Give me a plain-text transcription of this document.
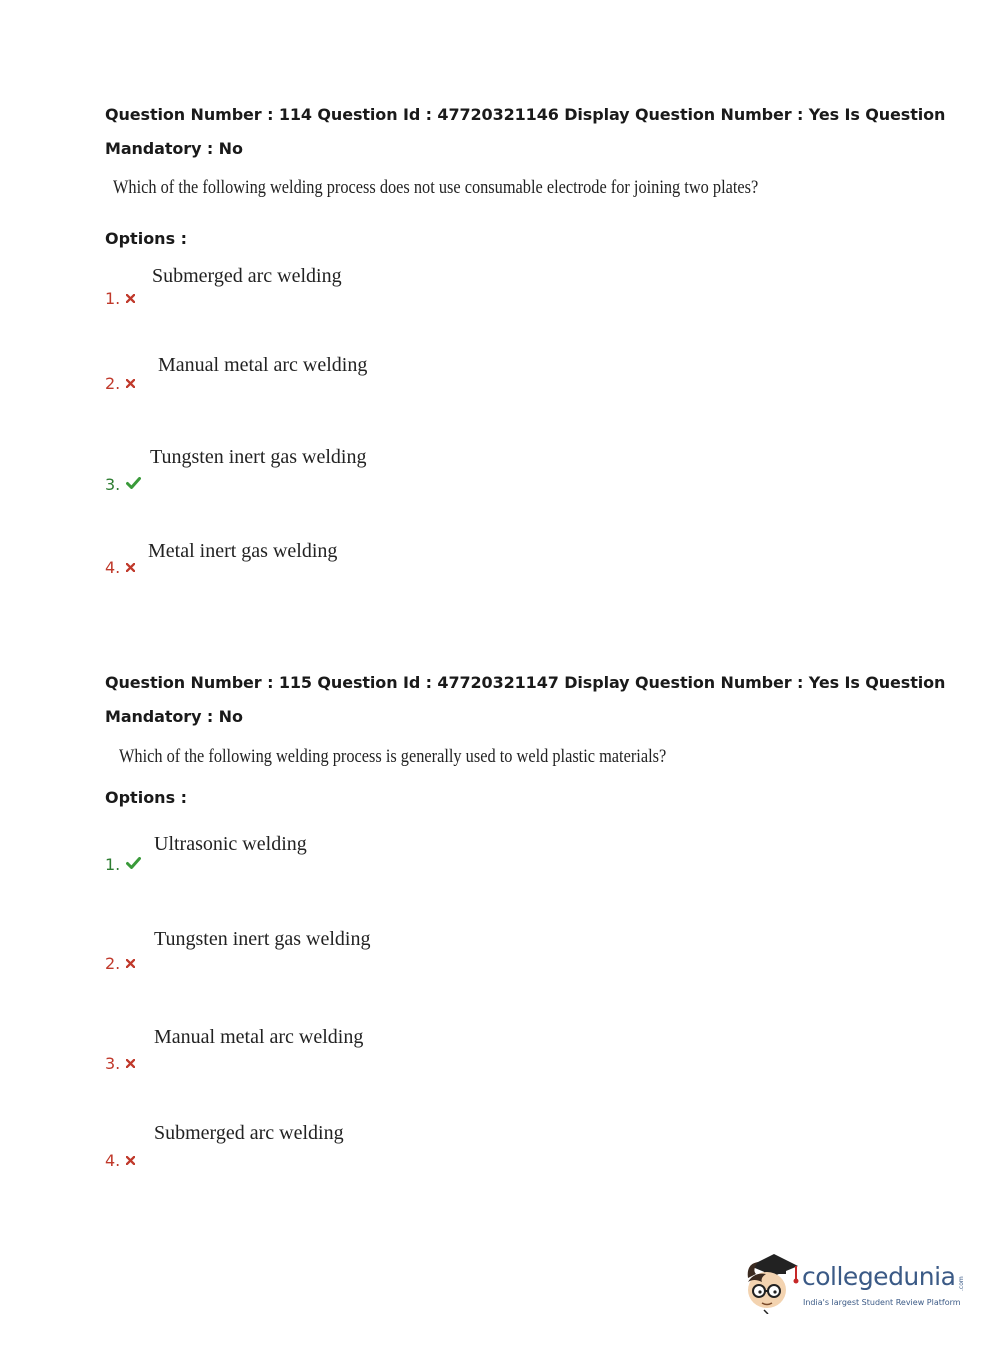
Question Number : 114 Question Id : 47720321146 Display Question Number : Yes Is Question
Mandatory : No
Which of the following welding process does not use consumable electrode for joining two plates?
Options :
Submerged arc welding
1.
Manual metal arc welding
2.
Tungsten inert gas welding
3.
Metal inert gas welding
4.
Question Number : 115 Question Id : 47720321147 Display Question Number : Yes Is Question
Mandatory : No
Which of the following welding process is generally used to weld plastic materials?
Options :
Ultrasonic welding
1.
Tungsten inert gas welding
2.
Manual metal arc welding
3.
Submerged arc welding
4.
collegedunia .com
India's largest Student Review Platform
